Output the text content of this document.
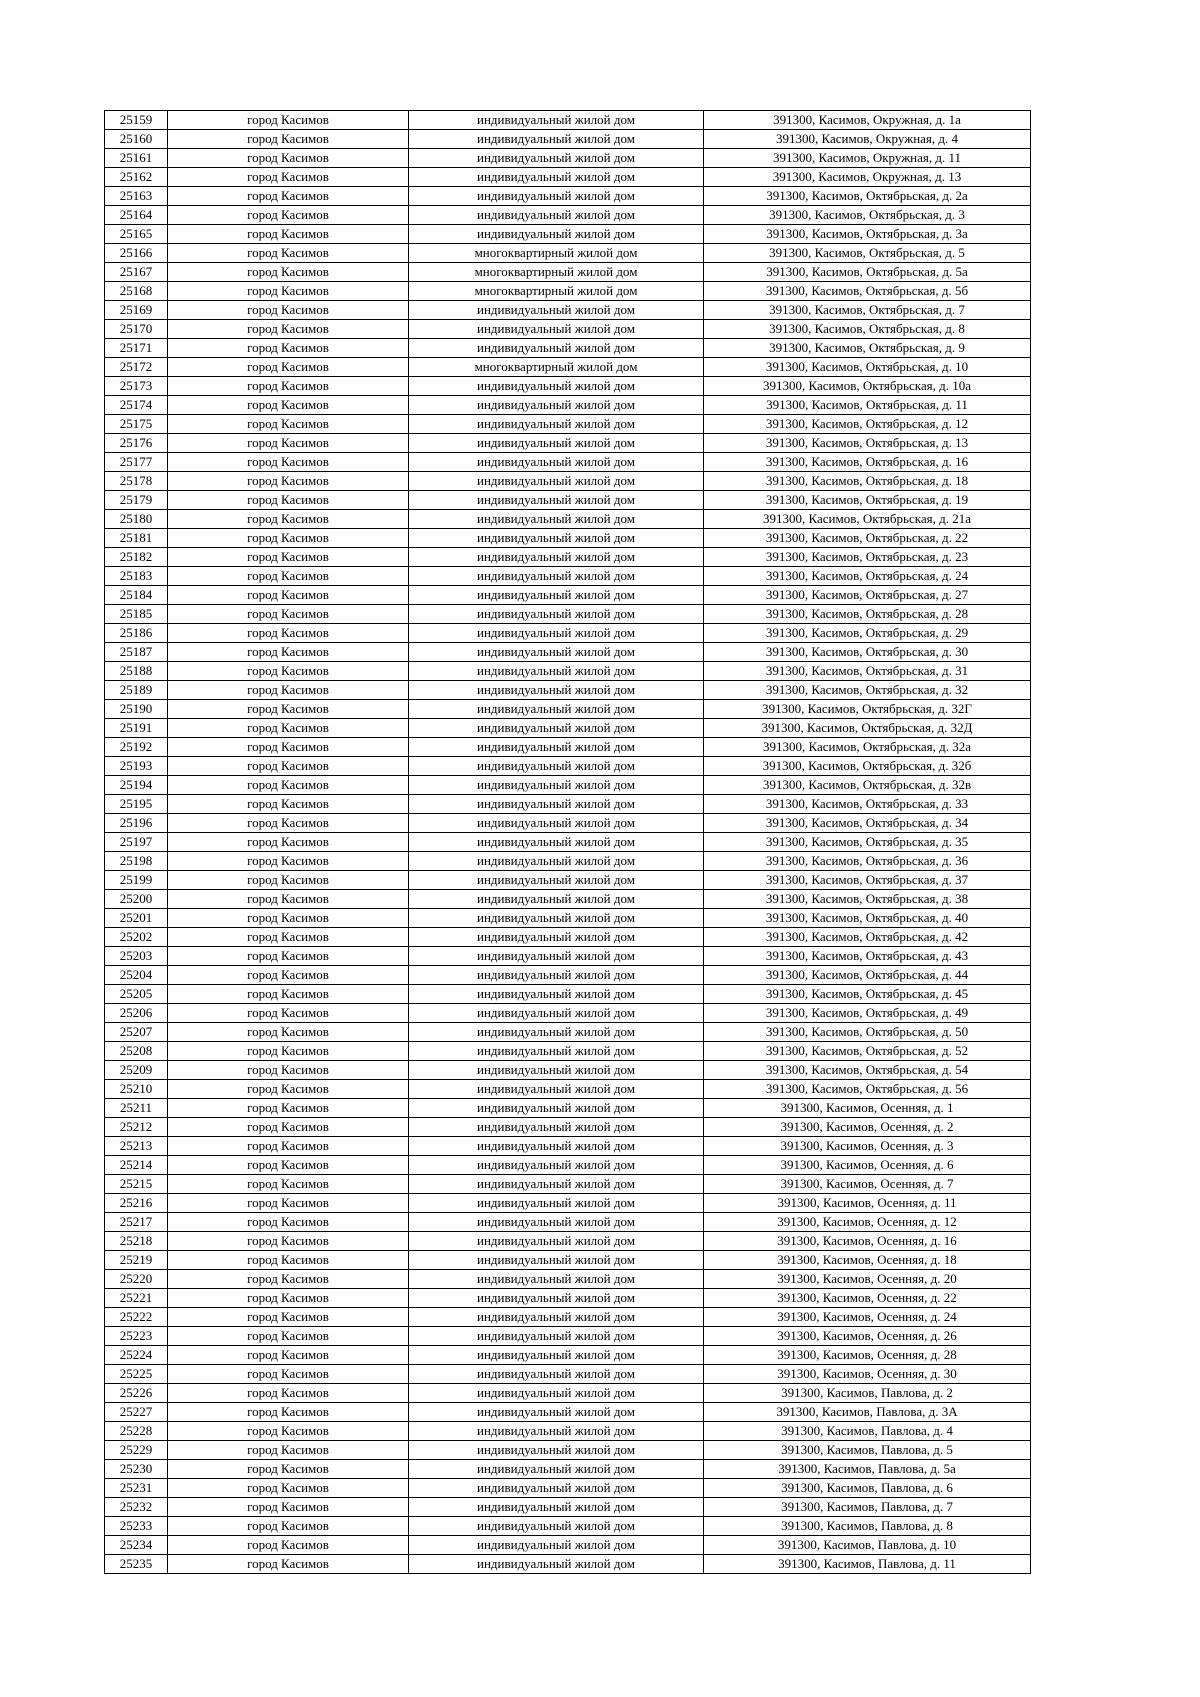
25159	город Касимов	индивидуальный жилой дом	391300, Касимов, Окружная, д. 1а
25160	город Касимов	индивидуальный жилой дом	391300, Касимов, Окружная, д. 4
25161	город Касимов	индивидуальный жилой дом	391300, Касимов, Окружная, д. 11
25162	город Касимов	индивидуальный жилой дом	391300, Касимов, Окружная, д. 13
25163	город Касимов	индивидуальный жилой дом	391300, Касимов, Октябрьская, д. 2а
25164	город Касимов	индивидуальный жилой дом	391300, Касимов, Октябрьская, д. 3
25165	город Касимов	индивидуальный жилой дом	391300, Касимов, Октябрьская, д. 3а
25166	город Касимов	многоквартирный жилой дом	391300, Касимов, Октябрьская, д. 5
25167	город Касимов	многоквартирный жилой дом	391300, Касимов, Октябрьская, д. 5а
25168	город Касимов	многоквартирный жилой дом	391300, Касимов, Октябрьская, д. 5б
25169	город Касимов	индивидуальный жилой дом	391300, Касимов, Октябрьская, д. 7
25170	город Касимов	индивидуальный жилой дом	391300, Касимов, Октябрьская, д. 8
25171	город Касимов	индивидуальный жилой дом	391300, Касимов, Октябрьская, д. 9
25172	город Касимов	многоквартирный жилой дом	391300, Касимов, Октябрьская, д. 10
25173	город Касимов	индивидуальный жилой дом	391300, Касимов, Октябрьская, д. 10а
25174	город Касимов	индивидуальный жилой дом	391300, Касимов, Октябрьская, д. 11
25175	город Касимов	индивидуальный жилой дом	391300, Касимов, Октябрьская, д. 12
25176	город Касимов	индивидуальный жилой дом	391300, Касимов, Октябрьская, д. 13
25177	город Касимов	индивидуальный жилой дом	391300, Касимов, Октябрьская, д. 16
25178	город Касимов	индивидуальный жилой дом	391300, Касимов, Октябрьская, д. 18
25179	город Касимов	индивидуальный жилой дом	391300, Касимов, Октябрьская, д. 19
25180	город Касимов	индивидуальный жилой дом	391300, Касимов, Октябрьская, д. 21а
25181	город Касимов	индивидуальный жилой дом	391300, Касимов, Октябрьская, д. 22
25182	город Касимов	индивидуальный жилой дом	391300, Касимов, Октябрьская, д. 23
25183	город Касимов	индивидуальный жилой дом	391300, Касимов, Октябрьская, д. 24
25184	город Касимов	индивидуальный жилой дом	391300, Касимов, Октябрьская, д. 27
25185	город Касимов	индивидуальный жилой дом	391300, Касимов, Октябрьская, д. 28
25186	город Касимов	индивидуальный жилой дом	391300, Касимов, Октябрьская, д. 29
25187	город Касимов	индивидуальный жилой дом	391300, Касимов, Октябрьская, д. 30
25188	город Касимов	индивидуальный жилой дом	391300, Касимов, Октябрьская, д. 31
25189	город Касимов	индивидуальный жилой дом	391300, Касимов, Октябрьская, д. 32
25190	город Касимов	индивидуальный жилой дом	391300, Касимов, Октябрьская, д. 32Г
25191	город Касимов	индивидуальный жилой дом	391300, Касимов, Октябрьская, д. 32Д
25192	город Касимов	индивидуальный жилой дом	391300, Касимов, Октябрьская, д. 32а
25193	город Касимов	индивидуальный жилой дом	391300, Касимов, Октябрьская, д. 32б
25194	город Касимов	индивидуальный жилой дом	391300, Касимов, Октябрьская, д. 32в
25195	город Касимов	индивидуальный жилой дом	391300, Касимов, Октябрьская, д. 33
25196	город Касимов	индивидуальный жилой дом	391300, Касимов, Октябрьская, д. 34
25197	город Касимов	индивидуальный жилой дом	391300, Касимов, Октябрьская, д. 35
25198	город Касимов	индивидуальный жилой дом	391300, Касимов, Октябрьская, д. 36
25199	город Касимов	индивидуальный жилой дом	391300, Касимов, Октябрьская, д. 37
25200	город Касимов	индивидуальный жилой дом	391300, Касимов, Октябрьская, д. 38
25201	город Касимов	индивидуальный жилой дом	391300, Касимов, Октябрьская, д. 40
25202	город Касимов	индивидуальный жилой дом	391300, Касимов, Октябрьская, д. 42
25203	город Касимов	индивидуальный жилой дом	391300, Касимов, Октябрьская, д. 43
25204	город Касимов	индивидуальный жилой дом	391300, Касимов, Октябрьская, д. 44
25205	город Касимов	индивидуальный жилой дом	391300, Касимов, Октябрьская, д. 45
25206	город Касимов	индивидуальный жилой дом	391300, Касимов, Октябрьская, д. 49
25207	город Касимов	индивидуальный жилой дом	391300, Касимов, Октябрьская, д. 50
25208	город Касимов	индивидуальный жилой дом	391300, Касимов, Октябрьская, д. 52
25209	город Касимов	индивидуальный жилой дом	391300, Касимов, Октябрьская, д. 54
25210	город Касимов	индивидуальный жилой дом	391300, Касимов, Октябрьская, д. 56
25211	город Касимов	индивидуальный жилой дом	391300, Касимов, Осенняя, д. 1
25212	город Касимов	индивидуальный жилой дом	391300, Касимов, Осенняя, д. 2
25213	город Касимов	индивидуальный жилой дом	391300, Касимов, Осенняя, д. 3
25214	город Касимов	индивидуальный жилой дом	391300, Касимов, Осенняя, д. 6
25215	город Касимов	индивидуальный жилой дом	391300, Касимов, Осенняя, д. 7
25216	город Касимов	индивидуальный жилой дом	391300, Касимов, Осенняя, д. 11
25217	город Касимов	индивидуальный жилой дом	391300, Касимов, Осенняя, д. 12
25218	город Касимов	индивидуальный жилой дом	391300, Касимов, Осенняя, д. 16
25219	город Касимов	индивидуальный жилой дом	391300, Касимов, Осенняя, д. 18
25220	город Касимов	индивидуальный жилой дом	391300, Касимов, Осенняя, д. 20
25221	город Касимов	индивидуальный жилой дом	391300, Касимов, Осенняя, д. 22
25222	город Касимов	индивидуальный жилой дом	391300, Касимов, Осенняя, д. 24
25223	город Касимов	индивидуальный жилой дом	391300, Касимов, Осенняя, д. 26
25224	город Касимов	индивидуальный жилой дом	391300, Касимов, Осенняя, д. 28
25225	город Касимов	индивидуальный жилой дом	391300, Касимов, Осенняя, д. 30
25226	город Касимов	индивидуальный жилой дом	391300, Касимов, Павлова, д. 2
25227	город Касимов	индивидуальный жилой дом	391300, Касимов, Павлова, д. 3А
25228	город Касимов	индивидуальный жилой дом	391300, Касимов, Павлова, д. 4
25229	город Касимов	индивидуальный жилой дом	391300, Касимов, Павлова, д. 5
25230	город Касимов	индивидуальный жилой дом	391300, Касимов, Павлова, д. 5а
25231	город Касимов	индивидуальный жилой дом	391300, Касимов, Павлова, д. 6
25232	город Касимов	индивидуальный жилой дом	391300, Касимов, Павлова, д. 7
25233	город Касимов	индивидуальный жилой дом	391300, Касимов, Павлова, д. 8
25234	город Касимов	индивидуальный жилой дом	391300, Касимов, Павлова, д. 10
25235	город Касимов	индивидуальный жилой дом	391300, Касимов, Павлова, д. 11
